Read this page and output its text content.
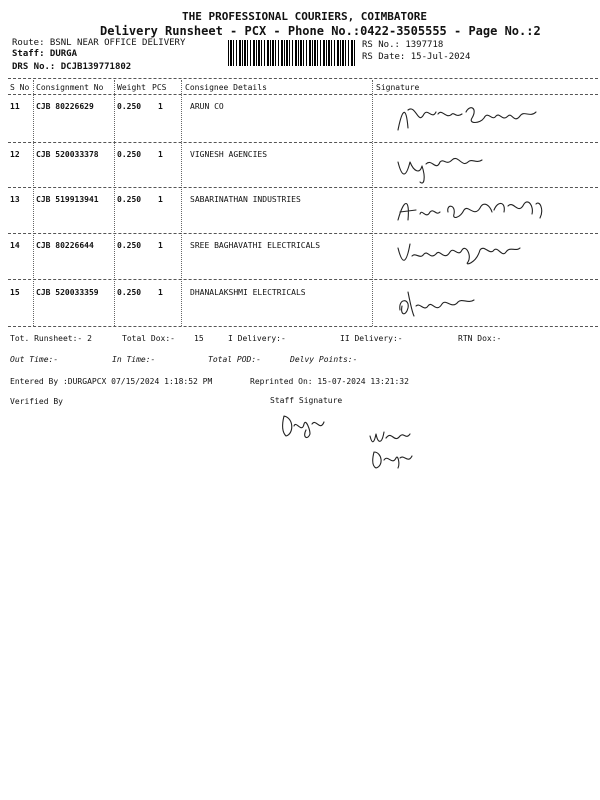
THE PROFESSIONAL COURIERS, COIMBATORE
Delivery Runsheet - PCX - Phone No.:0422-3505555 - Page No.:2
Route: BSNL NEAR OFFICE DELIVERY
Staff: DURGA
DRS No.: DCJB139771802
RS No.: 1397718
RS Date: 15-Jul-2024
S No Consignment No Weight PCS Consignee Details	Signature
11 CJB 80226629	0.250 1	ARUN CO
12 CJB 520033378 0.250 1	VIGNESH AGENCIES
13 CJB 519913941 0.250 1	SABARINATHAN INDUSTRIES
14 CJB 80226644	0.250 1	SREE BAGHAVATHI ELECTRICALS
15 CJB 520033359 0.250 1	DHANALAKSHMI ELECTRICALS
Tot. Runsheet:- 2	Total Dox:- 15	I Delivery:-	II Delivery:-	RTN Dox:-
Out Time:-	In Time:-	Total POD:-	Delvy Points:-
Entered By :DURGAPCX 07/15/2024 1:18:52 PM	Reprinted On: 15-07-2024 13:21:32
Verified By	Staff Signature
